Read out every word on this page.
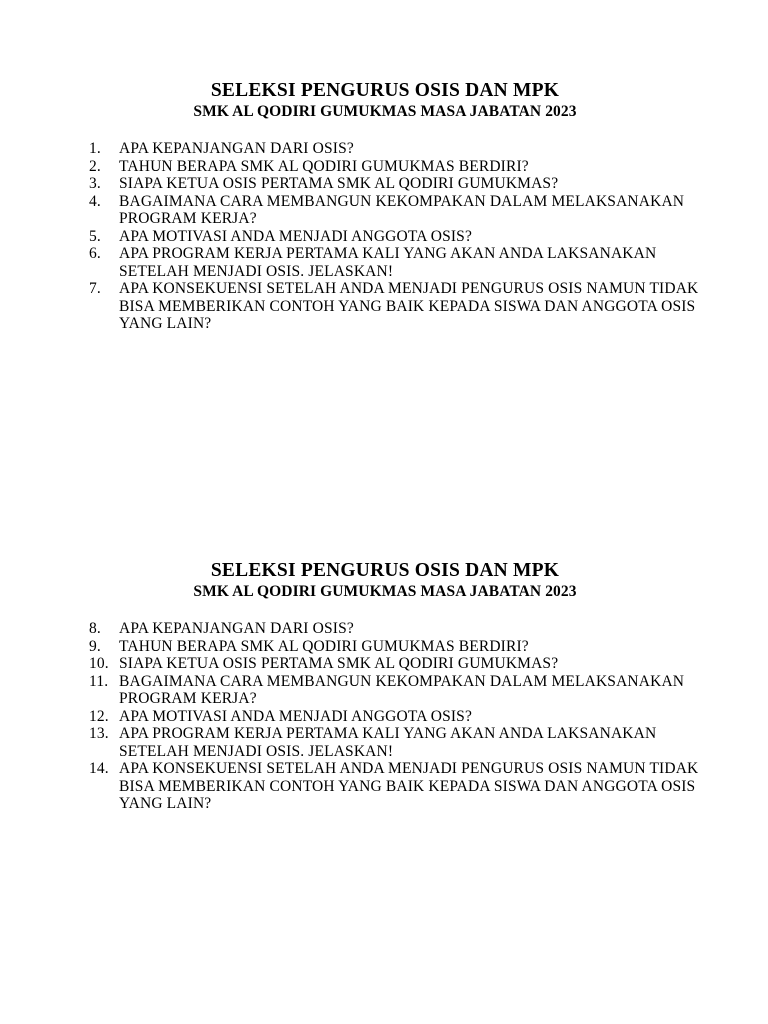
SELEKSI PENGURUS OSIS DAN MPK
SMK AL QODIRI GUMUKMAS MASA JABATAN 2023
1. APA KEPANJANGAN DARI OSIS?
2. TAHUN BERAPA SMK AL QODIRI GUMUKMAS BERDIRI?
3. SIAPA KETUA OSIS PERTAMA SMK AL QODIRI GUMUKMAS?
4. BAGAIMANA CARA MEMBANGUN KEKOMPAKAN DALAM MELAKSANAKAN PROGRAM KERJA?
5. APA MOTIVASI ANDA MENJADI ANGGOTA OSIS?
6. APA PROGRAM KERJA PERTAMA KALI YANG AKAN ANDA LAKSANAKAN SETELAH MENJADI OSIS. JELASKAN!
7. APA KONSEKUENSI SETELAH ANDA MENJADI PENGURUS OSIS NAMUN TIDAK BISA MEMBERIKAN CONTOH YANG BAIK KEPADA SISWA DAN ANGGOTA OSIS YANG LAIN?
SELEKSI PENGURUS OSIS DAN MPK
SMK AL QODIRI GUMUKMAS MASA JABATAN 2023
8. APA KEPANJANGAN DARI OSIS?
9. TAHUN BERAPA SMK AL QODIRI GUMUKMAS BERDIRI?
10. SIAPA KETUA OSIS PERTAMA SMK AL QODIRI GUMUKMAS?
11. BAGAIMANA CARA MEMBANGUN KEKOMPAKAN DALAM MELAKSANAKAN PROGRAM KERJA?
12. APA MOTIVASI ANDA MENJADI ANGGOTA OSIS?
13. APA PROGRAM KERJA PERTAMA KALI YANG AKAN ANDA LAKSANAKAN SETELAH MENJADI OSIS. JELASKAN!
14. APA KONSEKUENSI SETELAH ANDA MENJADI PENGURUS OSIS NAMUN TIDAK BISA MEMBERIKAN CONTOH YANG BAIK KEPADA SISWA DAN ANGGOTA OSIS YANG LAIN?
